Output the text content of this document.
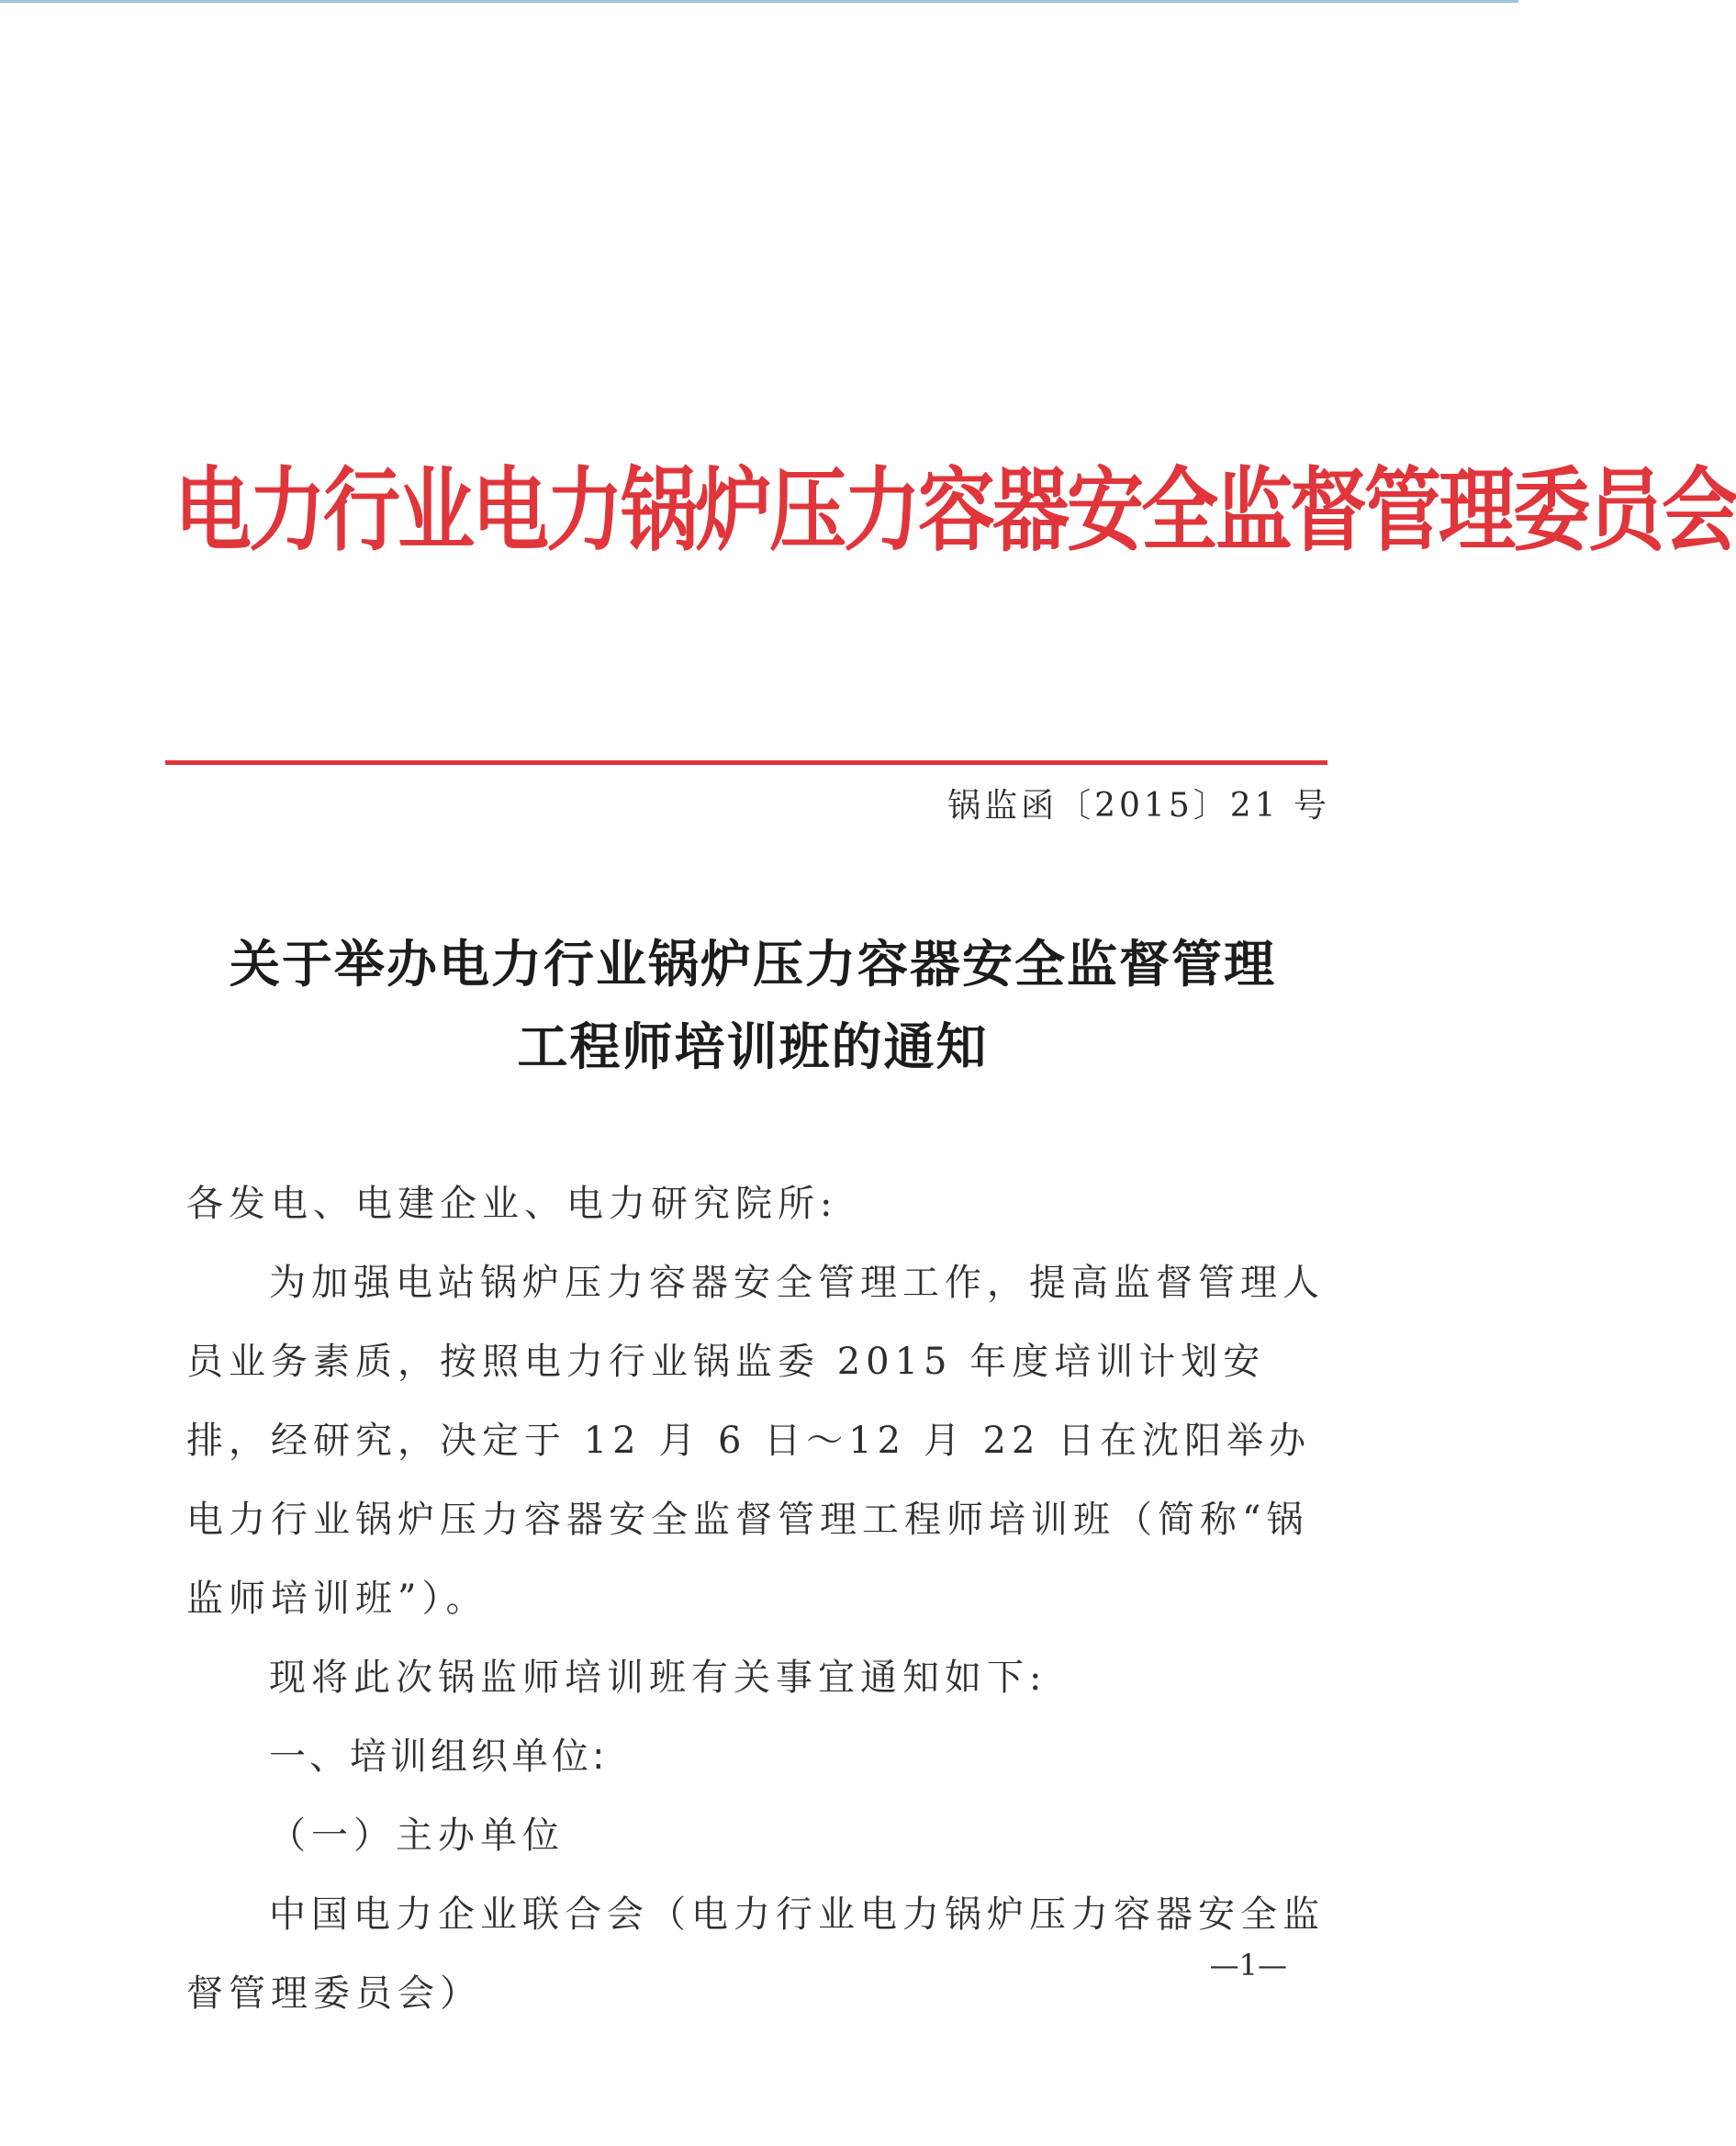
电力行业电力锅炉压力容器安全监督管理委员会
锅监函〔2015〕21 号
关于举办电力行业锅炉压力容器安全监督管理
工程师培训班的通知

各发电、电建企业、电力研究院所:

为加强电站锅炉压力容器安全管理工作，提高监督管理人员业务素质，按照电力行业锅监委 2015 年度培训计划安排，经研究，决定于 12 月 6 日～12 月 22 日在沈阳举办电力行业锅炉压力容器安全监督管理工程师培训班（简称“锅监师培训班”）。

现将此次锅监师培训班有关事宜通知如下:

一、培训组织单位:

（一）主办单位

中国电力企业联合会（电力行业电力锅炉压力容器安全监督管理委员会）

—1—
